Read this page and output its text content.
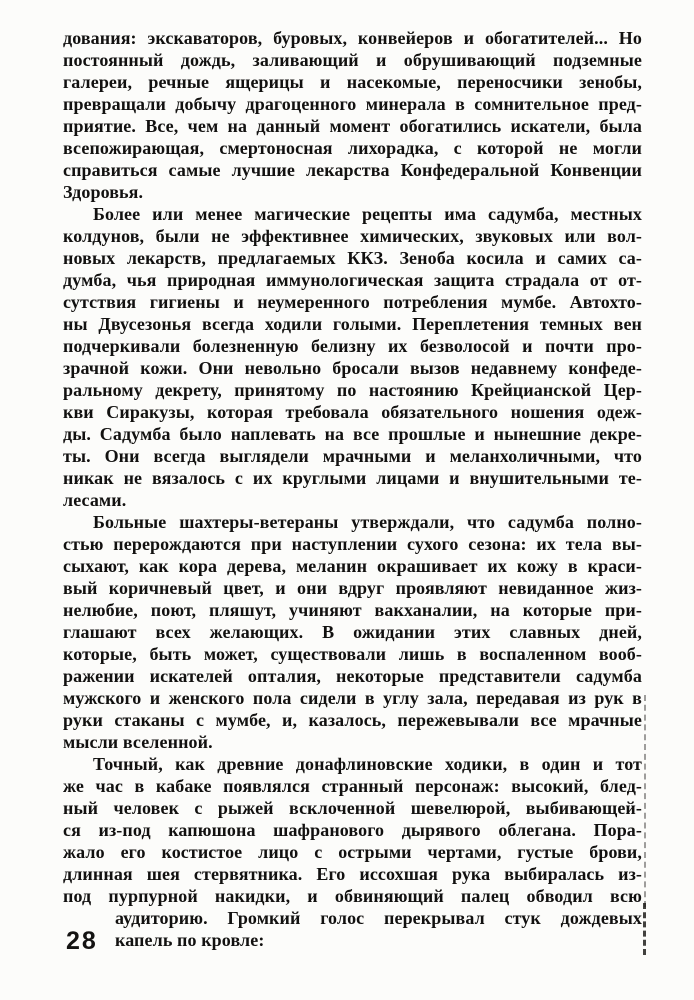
дования: экскаваторов, буровых, конвейеров и обогатителей... Но
постоянный дождь, заливающий и обрушивающий подземные
галереи, речные ящерицы и насекомые, переносчики зенобы,
превращали добычу драгоценного минерала в сомнительное пред-
приятие. Все, чем на данный момент обогатились искатели, была
всепожирающая, смертоносная лихорадка, с которой не могли
справиться самые лучшие лекарства Конфедеральной Конвенции
Здоровья.
Более или менее магические рецепты има садумба, местных
колдунов, были не эффективнее химических, звуковых или вол-
новых лекарств, предлагаемых ККЗ. Зеноба косила и самих са-
думба, чья природная иммунологическая защита страдала от от-
сутствия гигиены и неумеренного потребления мумбе. Автохто-
ны Двусезонья всегда ходили голыми. Переплетения темных вен
подчеркивали болезненную белизну их безволосой и почти про-
зрачной кожи. Они невольно бросали вызов недавнему конфеде-
ральному декрету, принятому по настоянию Крейцианской Цер-
кви Сиракузы, которая требовала обязательного ношения одеж-
ды. Садумба было наплевать на все прошлые и нынешние декре-
ты. Они всегда выглядели мрачными и меланхоличными, что
никак не вязалось с их круглыми лицами и внушительными те-
лесами.
Больные шахтеры-ветераны утверждали, что садумба полно-
стью перерождаются при наступлении сухого сезона: их тела вы-
сыхают, как кора дерева, меланин окрашивает их кожу в краси-
вый коричневый цвет, и они вдруг проявляют невиданное жиз-
нелюбие, поют, пляшут, учиняют вакханалии, на которые при-
глашают всех желающих. В ожидании этих славных дней,
которые, быть может, существовали лишь в воспаленном вооб-
ражении искателей опталия, некоторые представители садумба
мужского и женского пола сидели в углу зала, передавая из рук в
руки стаканы с мумбе, и, казалось, пережевывали все мрачные
мысли вселенной.
Точный, как древние донафлиновские ходики, в один и тот
же час в кабаке появлялся странный персонаж: высокий, блед-
ный человек с рыжей всклоченной шевелюрой, выбивающей-
ся из-под капюшона шафранового дырявого облегана. Пора-
жало его костистое лицо с острыми чертами, густые брови,
длинная шея стервятника. Его иссохшая рука выбиралась из-
под пурпурной накидки, и обвиняющий палец обводил всю
аудиторию. Громкий голос перекрывал стук дождевых
капель по кровле:
28
